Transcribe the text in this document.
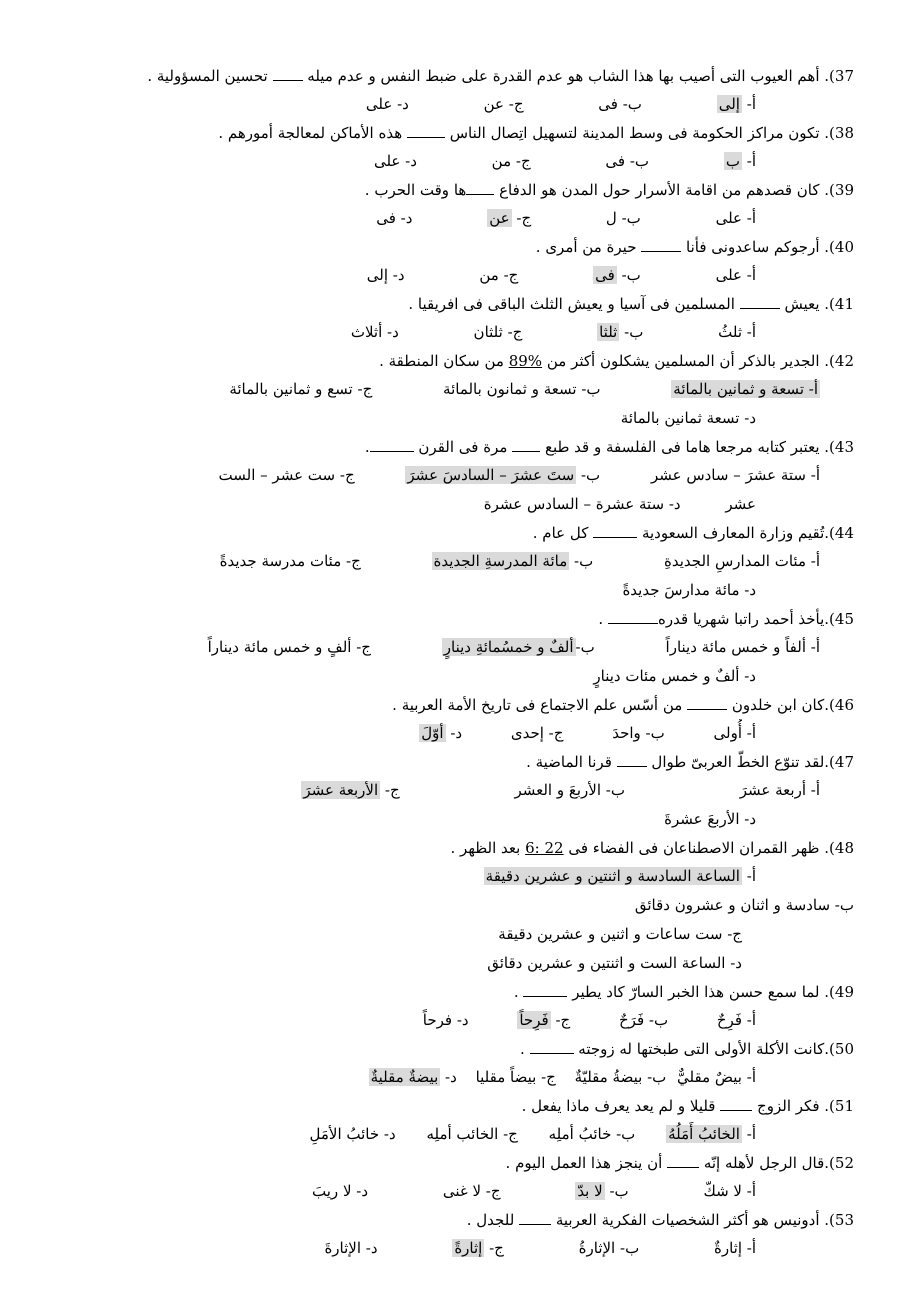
37). أهم العيوب التى أصيب بها هذا الشاب هو عدم القدرة على ضبط النفس و عدم ميله  تحسين المسؤولية .
أ- إلى ب- فى ج- عن د- على
38). تكون مراكز الحكومة فى وسط المدينة لتسهيل اتِصال الناس  هذه الأماكن لمعالجة أمورهم .
أ- ب ب- فى ج- من د- على
39). كان قصدهم من اقامة الأسرار حول المدن هو الدفاع ها وقت الحرب .
أ- على ب- ل ج- عن د- فى
40). أرجوكم ساعدونى فأنا  حيرة من أمرى .
أ- على ب- فى ج- من د- إلى
41). يعيش  المسلمين فى آسيا و يعيش الثلث الباقى فى افريقيا .
أ- ثلثُ ب- ثلثا ج- ثلثان د- أثلاث
42). الجدير بالذكر أن المسلمين يشكلون أكثر من 89% من سكان المنطقة .
أ- تسعة و ثمانين بالمائة ب- تسعة و ثمانون بالمائة ج- تسع و ثمانين بالمائة
د- تسعة ثمانين بالمائة
43). يعتبر كتابه مرجعا هاما فى الفلسفة و قد طبع  مرة فى القرن .
أ- ستة عشرَ – سادس عشر ب- ستَ عشرَ – السادسَ عشرَ ج- ست عشر – الست
عشر د- ستة عشرة – السادس عشرة
44).تُقيم وزارة المعارف السعودية  كل عام .
أ- مئات المدارسِ الجديدةِ ب- مائة المدرسةِ الجديدة ج- مئات مدرسة جديدةً
د- مائة مدارسَ جديدةً
45).يأخذ أحمد راتبا شهريا قدره .
أ- ألفاً و خمس مائة ديناراً ب-ألفٌ و خمسُمائةِ دينارٍ ج- ألفٍ و خمس مائة ديناراً
د- ألفٌ و خمس مئات دينارٍ
46).كان ابن خلدون  من أسّس علم الاجتماع فى تاريخ الأمة العربية .
أ- أُولى ب- واحدَ ج- إحدى د- أوّلَ
47).لقد تنوّع الخطّ العربىّ طوال  قرنا الماضية .
أ- أربعة عشرَ ب- الأربعَ و العشر ج- الأربعة عشرَ
د- الأربعَ عشرةَ
48). ظهر القمران الاصطناعان فى الفضاء فى 6: 22 بعد الظهر .
أ- الساعة السادسة و اثنتين و عشرين دقيقة
ب- سادسة و اثنان و عشرون دقائق
ج- ست ساعات و اثنين و عشرين دقيقة
د- الساعة الست و اثنتين و عشرين دقائق
49). لما سمع حسن هذا الخبر السارّ كاد يطير  .
أ- فَرِحٌ ب- فَرَحٌ ج- فَرِحاً د- فرحاً
50).كانت الأكلة الأولى التى طبختها له زوجته  .
أ- بيضٌ مقليٌّ ب- بيضةُ مقليّةٌ ج- بيضاً مقليا د- بيضةٌ مقليةٌ
51). فكر الزوج  قليلا و لم يعد يعرف ماذا يفعل .
أ- الخائبُ أَمَلُهُ ب- خائبُ أملِه ج- الخائب أملِه د- خائبُ الأمَلِ
52).قال الرجل لأهله إنّه  أن ينجز هذا العمل اليوم .
أ- لا شكّ ب- لا بدّ ج- لا غنى د- لا ريبَ
53). أدونيس هو أكثر الشخصيات الفكرية العربية  للجدل .
أ- إثارةٌ ب- الإثارةُ ج- إثارةً د- الإثارةَ
